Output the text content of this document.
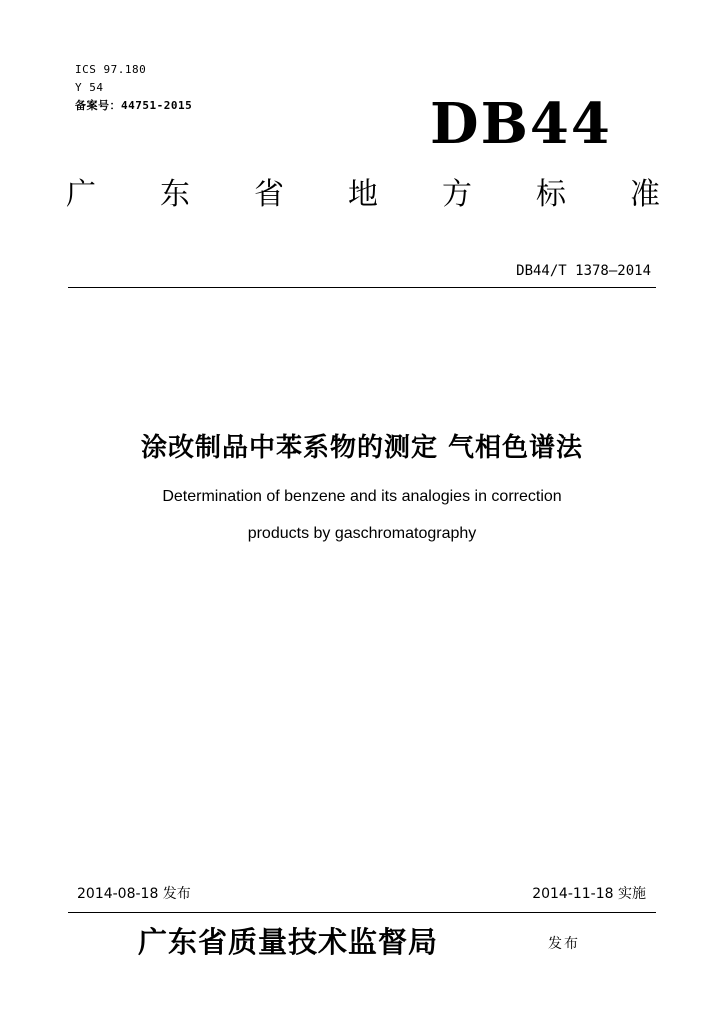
ICS 97.180
Y 54
备案号：44751-2015	DB44
广 东 省 地 方 标 准
DB44/T 1378—2014
涂改制品中苯系物的测定 气相色谱法
Determination of benzene and its analogies in correction
products by gaschromatography
2014-08-18 发布	2014-11-18 实施
广东省质量技术监督局	发布
